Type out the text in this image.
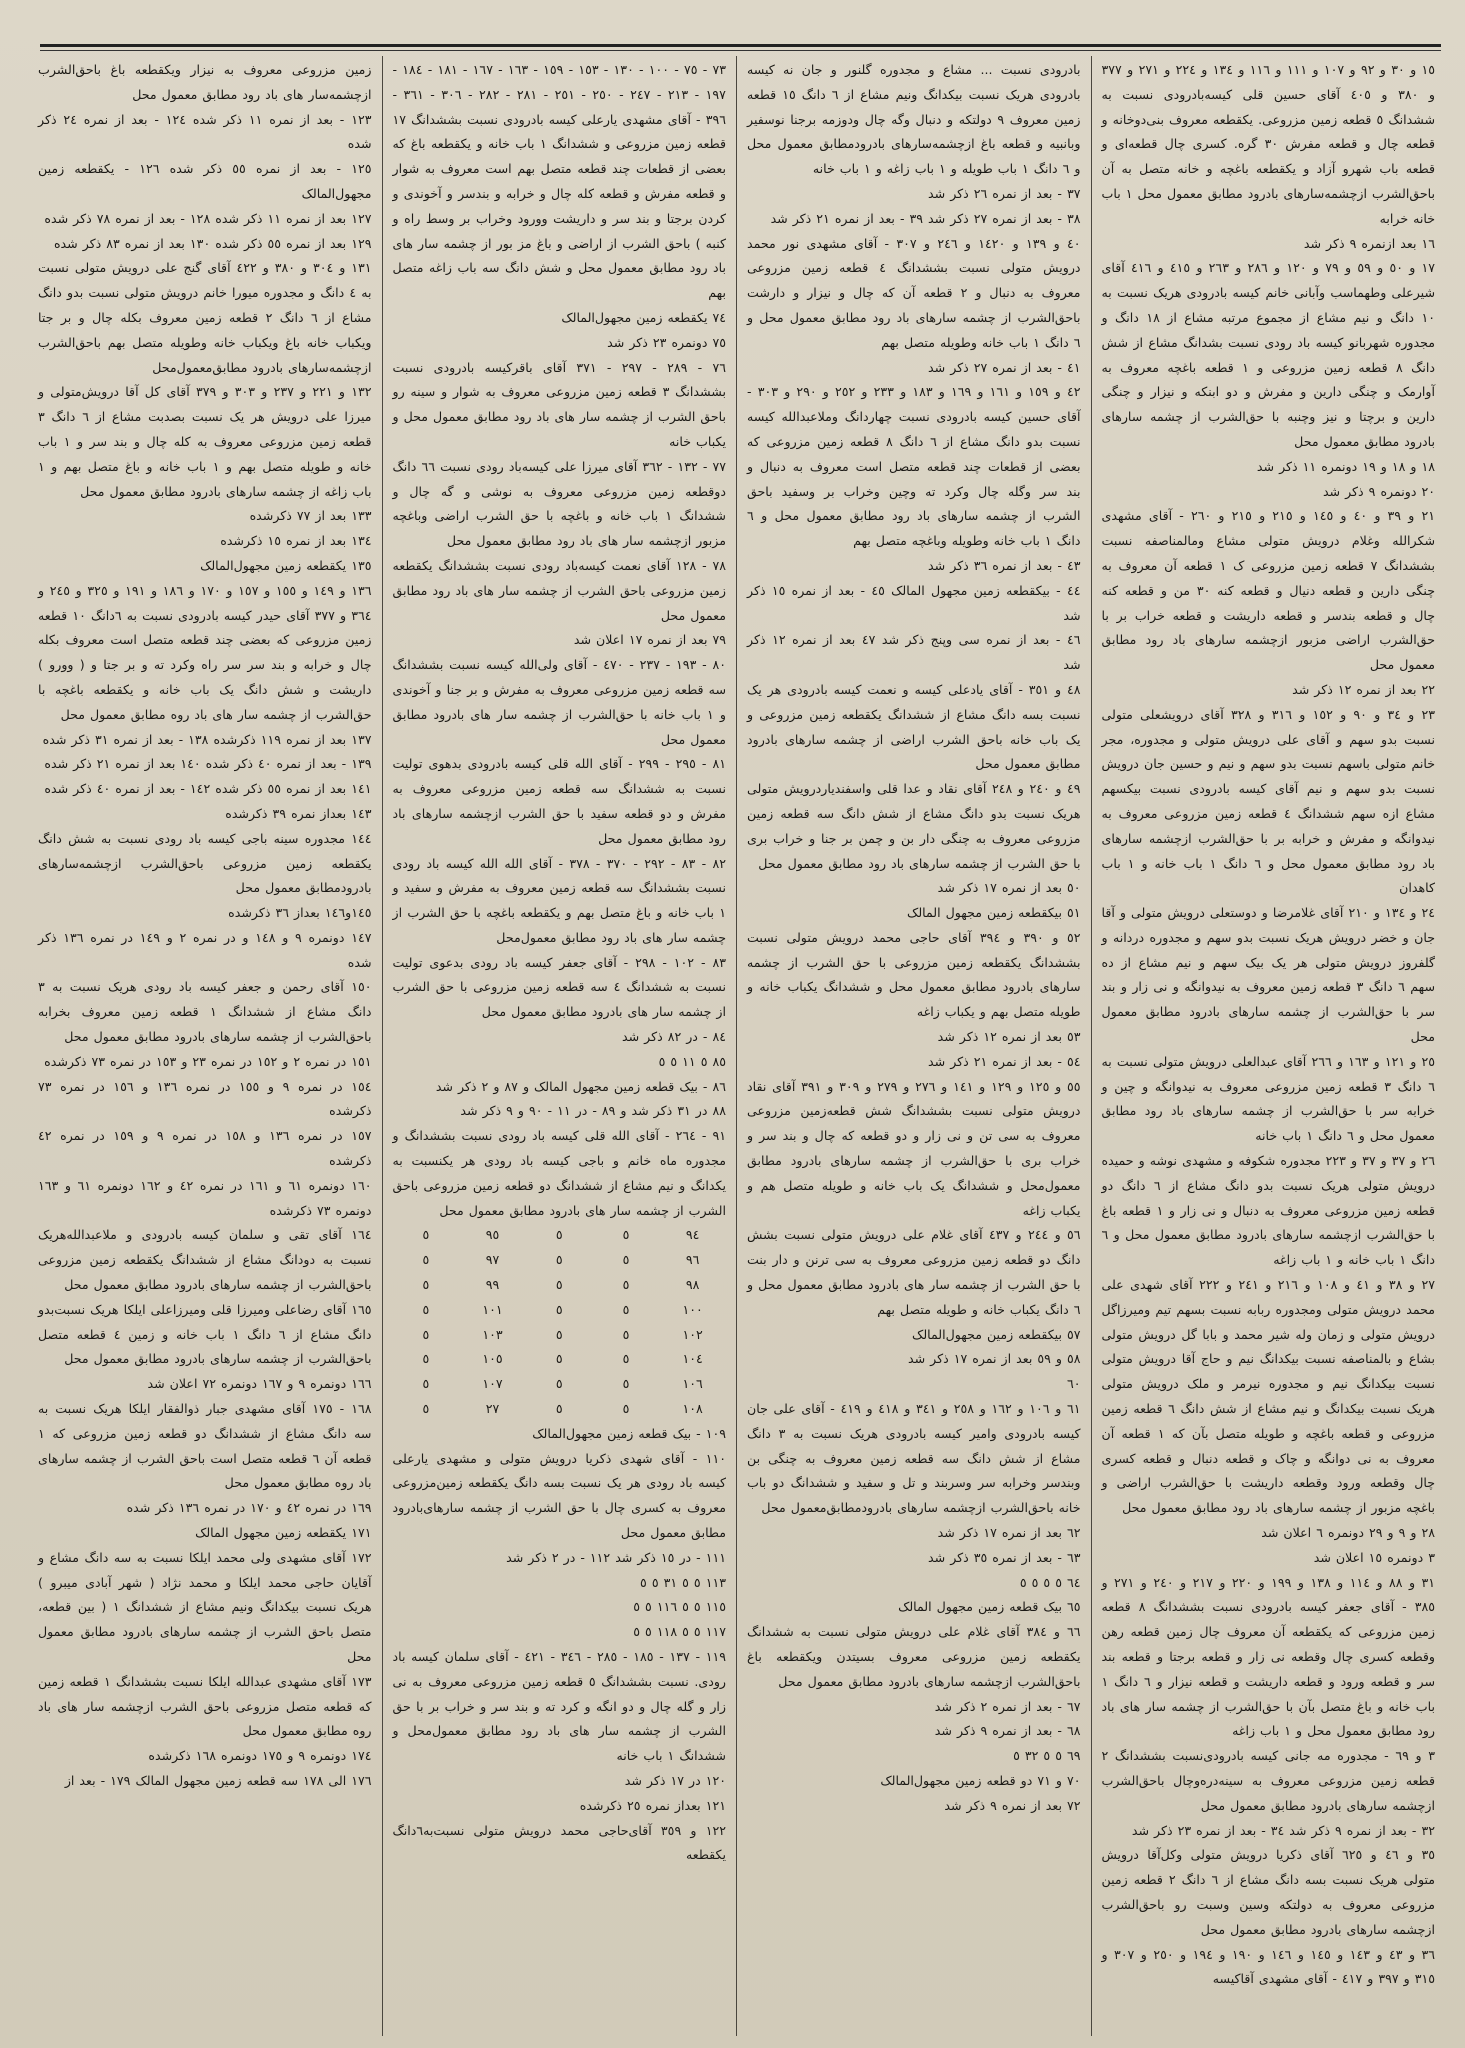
١٥ و ٣٠ و ٩٢ و ١٠٧ و ١١١ و ١١٦ و ١٣٤ و ٢٢٤ و ٢٧١ و ٣٧٧ و ٣٨٠ و ٤٠٥ آقای حسین قلی کیسه‌بادرودی نسبت به ششدانگ ٥ قطعه زمین مزروعی. یکقطعه معروف بنی‌دوخانه و قطعه چال و قطعه مفرش ٣٠ گره. کسری چال قطعه‌ای و قطعه باب شهرو آزاد و یکقطعه باغچه و خانه متصل به آن باحق‌الشرب ازچشمه‌سارهای بادرود مطابق معمول محل ١ باب خانه خرابه

١٦ بعد ازنمره ٩ ذکر شد

١٧ و ٥٠ و ٥٩ و ٧٩ و ١٢٠ و ٢٨٦ و ٢٦٣ و ٤١٥ و ٤١٦ آقای شیرعلی وطهماسب وآبانی خانم کیسه بادرودی هریک نسبت به ١٠ دانگ و نیم مشاع از مجموع مرتبه مشاع از ١٨ دانگ و مجدوره شهربانو کیسه باد رودی نسبت بشدانگ مشاع از شش دانگ ٨ قطعه زمین مزروعی و ١ قطعه باغچه معروف به آوارمک و چنگی دارین و مفرش و دو ابنکه و نیزار و چنگی دارین و برچتا و نیز وچنبه با حق‌الشرب از چشمه سارهای بادرود مطابق معمول محل

١٨ و ١٨ و ١٩ دونمره ١١ ذکر شد

٢٠ دونمره ٩ ذکر شد

٢١ و ٣٩ و ٤٠ و ١٤٥ و ٢١٥ و ٢١٥ و ٢٦٠ - آقای مشهدی شکرالله وغلام درویش متولی مشاع ومالمناصفه نسبت بششدانگ ٧ قطعه زمین مزروعی ک ١ قطعه آن معروف به چنگی دارین و قطعه دنیال و قطعه کنه ٣٠ من و قطعه کنه چال و قطعه بندسر و قطعه داریشت و قطعه خراب بر با حق‌الشرب اراضی مزبور ازچشمه سارهای باد رود مطابق معمول محل

٢٢ بعد از نمره ١٢ ذکر شد

٢٣ و ٣٤ و ٩٠ و ١٥٢ و ٣١٦ و ٣٢٨ آقای درویشعلی متولی نسبت بدو سهم و آقای علی درویش متولی و مجدوره، مجر خانم متولی باسهم نسبت بدو سهم و نیم و حسین جان درویش نسبت بدو سهم و نیم آقای کیسه بادرودی نسبت بیکسهم مشاع ازه سهم ششدانگ ٤ قطعه زمین مزروعی معروف به نیدوانگه و مفرش و خرابه بر با حق‌الشرب ازچشمه سارهای باد رود مطابق معمول محل و ٦ دانگ ١ باب خانه و ١ باب کاهدان

٢٤ و ١٣٤ و ٢١٠ آقای غلامرضا و دوستعلی درویش متولی و آقا جان و خضر درویش هریک نسبت بدو سهم و مجدوره دردانه و گلفروز درویش متولی هر یک بیک سهم و نیم مشاع از ده سهم ٦ دانگ ٣ قطعه زمین معروف به نیدوانگه و نی زار و بند سر با حق‌الشرب از چشمه سارهای بادرود مطابق معمول محل

٢٥ و ١٢١ و ١٦٣ و ٢٦٦ آقای عبدالعلی درویش متولی نسبت به ٦ دانگ ٣ قطعه زمین مزروعی معروف به نیدوانگه و چین و خرابه سر با حق‌الشرب از چشمه سارهای باد رود مطابق معمول محل و ٦ دانگ ١ باب خانه

٢٦ و ٣٧ و ٣٧ و ٢٢٣ مجدوره شکوفه و مشهدی نوشه و حمیده درویش متولی هریک نسبت بدو دانگ مشاع از ٦ دانگ دو قطعه زمین مزروعی معروف به دنبال و نی زار و ١ قطعه باغ با حق‌الشرب ازچشمه سارهای بادرود مطابق معمول محل و ٦ دانگ ١ باب خانه و ١ باب زاغه

٢٧ و ٣٨ و ٤١ و ١٠٨ و ٢١٦ و ٢٤١ و ٢٢٢ آقای شهدی علی محمد درویش متولی ومجدوره ربابه نسبت بسهم تیم ومیرزاگل درویش متولی و زمان وله شیر محمد و بابا گل درویش متولی بشاع و بالمناصفه نسبت بیکدانگ نیم و حاج آقا درویش متولی نسبت بیکدانگ نیم و مجدوره نیرمر و ملک درویش متولی هریک نسبت بیکدانگ و نیم مشاع از شش دانگ ٦ قطعه زمین مزروعی و قطعه باغچه و طویله متصل بآن که ١ قطعه آن معروف به نی دوانگه و چاک و قطعه دنبال و قطعه کسری چال وقطعه ورود وقطعه داریشت با حق‌الشرب اراضی و باغچه مزبور از چشمه سارهای باد رود مطابق معمول محل

٢٨ و ٩ و ٢٩ دونمره ٦ اعلان شد

٣ دونمره ١٥ اعلان شد

٣١ و ٨٨ و ١١٤ و ١٣٨ و ١٩٩ و ٢٢٠ و ٢١٧ و ٢٤٠ و ٢٧١ و ٣٨٥ - آقای جعفر کیسه بادرودی نسبت بششدانگ ٨ قطعه زمین مزروعی که یکقطعه آن معروف چال زمین قطعه رهن وقطعه کسری چال وقطعه نی زار و قطعه برجتا و قطعه بند سر و قطعه ورود و قطعه داریشت و قطعه نیزار و ٦ دانگ ١ باب خانه و باغ متصل بآن با حق‌الشرب از چشمه سار های باد رود مطابق معمول محل و ١ باب زاغه

٣ و ٦٩ - مجدوره مه جانی کیسه بادرودی‌نسبت بششدانگ ٢ قطعه زمین مزروعی معروف به سینه‌دره‌وچال باحق‌الشرب ازچشمه سارهای بادرود مطابق معمول محل

٣٢ - بعد از نمره ٩ ذکر شد ٣٤ - بعد از نمره ٢٣ ذکر شد

٣٥ و ٤٦ و ٦٢٥ آقای ذکریا درویش متولی وکل‌آقا درویش متولی هریک نسبت بسه دانگ مشاع از ٦ دانگ ٢ قطعه زمین مزروعی معروف به دولتکه وسین وسبت رو باحق‌الشرب ازچشمه سارهای بادرود مطابق معمول محل

٣٦ و ٤٣ و ١٤٣ و ١٤٥ و ١٤٦ و ١٩٠ و ١٩٤ و ٢٥٠ و ٣٠٧ و ٣١٥ و ٣٩٧ و ٤١٧ - آقای مشهدی آقاکیسه

بادرودی نسبت ... مشاع و مجدوره گلنور و جان نه کیسه بادرودی هریک نسبت بیکدانگ ونیم مشاع از ٦ دانگ ١٥ قطعه زمین معروف ٩ دولتکه و دنبال وگه چال ودوزمه برجنا نوسفیر وبانبیه و قطعه باغ ازچشمه‌سارهای بادرودمطابق معمول محل و ٦ دانگ ١ باب طویله و ١ باب زاغه و ١ باب خانه

٣٧ - بعد از نمره ٢٦ ذکر شد

٣٨ - بعد از نمره ٢٧ ذکر شد ٣٩ - بعد از نمره ٢١ ذکر شد

٤٠ و ١٣٩ و ١٤٢٠ و ٢٤٦ و ٣٠٧ - آقای مشهدی نور محمد درویش متولی نسبت بششدانگ ٤ قطعه زمین مزروعی معروف به دنبال و ٢ قطعه آن که چال و نیزار و دارشت باحق‌الشرب از چشمه سارهای باد رود مطابق معمول محل و ٦ دانگ ١ باب خانه وطویله متصل بهم

٤١ - بعد از نمره ٢٧ ذکر شد

٤٢ و ١٥٩ و ١٦١ و ١٦٩ و ١٨٣ و ٢٣٣ و ٢٥٢ و ٢٩٠ و ٣٠٣ - آقای حسین کیسه بادرودی نسبت چهاردانگ وملاعبدالله کیسه نسبت بدو دانگ مشاع از ٦ دانگ ٨ قطعه زمین مزروعی که بعضی از قطعات چند قطعه متصل است معروف به دنبال و بند سر وگله چال وکرد ته وچین وخراب بر وسفید باحق الشرب از چشمه سارهای باد رود مطابق معمول محل و ٦ دانگ ١ باب خانه وطویله وباغچه متصل بهم

٤٣ - بعد از نمره ٣٦ ذکر شد

٤٤ - بیکقطعه زمین مجهول المالک ٤٥ - بعد از نمره ١٥ ذکر شد

٤٦ - بعد از نمره سی وپنج ذکر شد ٤٧ بعد از نمره ١٢ ذکر شد

٤٨ و ٣٥١ - آقای یادعلی کیسه و نعمت کیسه بادرودی هر یک نسبت بسه دانگ مشاع از ششدانگ یکقطعه زمین مزروعی و یک باب خانه باحق الشرب اراضی از چشمه سارهای بادرود مطابق معمول محل

٤٩ و ٢٤٠ و ٢٤٨ آقای نقاد و عدا قلی واسفندیاردرویش متولی هریک نسبت بدو دانگ مشاع از شش دانگ سه قطعه زمین مزروعی معروف به چنگی دار بن و چمن بر جنا و خراب بری با حق الشرب از چشمه سارهای باد رود مطابق معمول محل

٥٠ بعد از نمره ١٧ ذکر شد

٥١ بیکقطعه زمین مجهول المالک

٥٢ و ٣٩٠ و ٣٩٤ آقای حاجی محمد درویش متولی نسبت بششدانگ یکقطعه زمین مزروعی با حق الشرب از چشمه سارهای بادرود مطابق معمول محل و ششدانگ یکباب خانه و طویله متصل بهم و یکباب زاغه

٥٣ بعد از نمره ١٢ ذکر شد

٥٤ - بعد از نمره ٢١ ذکر شد

٥٥ و ١٢٥ و ١٢٩ و ١٤١ و ٢٧٦ و ٢٧٩ و ٣٠٩ و ٣٩١ آقای نقاد درویش متولی نسبت بششدانگ شش قطعه‌زمین مزروعی معروف به سی تن و نی زار و دو قطعه که چال و بند سر و خراب بری با حق‌الشرب از چشمه سارهای بادرود مطابق معمول‌محل و ششدانگ یک باب خانه و طویله متصل هم و یکباب زاغه

٥٦ و ٢٤٤ و ٤٣٧ آقای غلام علی درویش متولی نسبت بشش دانگ دو قطعه زمین مزروعی معروف به سی ترنن و دار بنت با حق الشرب از چشمه سار های بادرود مطابق معمول محل و ٦ دانگ یکباب خانه و طویله متصل بهم

٥٧ بیکقطعه زمین مجهول‌المالک

٥٨ و ٥٩ بعد از نمره ١٧ ذکر شد

٦٠

٦١ و ١٠٦ و ١٦٢ و ٢٥٨ و ٣٤١ و ٤١٨ و ٤١٩ - آقای علی جان کیسه بادرودی وامیر کیسه بادرودی هریک نسبت به ٣ دانگ مشاع از شش دانگ سه قطعه زمین معروف به چنگی بن وبندسر وخرابه سر وسربند و تل و سفید و ششدانگ دو باب خانه باحق‌الشرب ازچشمه سارهای بادرودمطابق‌معمول محل

٦٢ بعد از نمره ١٧ ذکر شد

٦٣ - بعد از نمره ٣٥ ذکر شد

٦٤ ٥ ٥ ٥ ٥

٦٥ بیک قطعه زمین مجهول المالک

٦٦ و ٣٨٤ آقای غلام علی درویش متولی نسبت به ششدانگ یکقطعه زمین مزروعی معروف بسیتدن ویکقطعه باغ باحق‌الشرب ازچشمه سارهای بادرود مطابق معمول محل

٦٧ - بعد از نمره ٢ ذکر شد

٦٨ - بعد از نمره ٩ ذکر شد

٦٩ ٥ ٥ ٣٢ ٥

٧٠ و ٧١ دو قطعه زمین مجهول‌المالک

٧٢ بعد از نمره ٩ ذکر شد

٧٣ - ٧٥ - ١٠٠ - ١٣٠ - ١٥٣ - ١٥٩ - ١٦٣ - ١٦٧ - ١٨١ - ١٨٤ - ١٩٧ - ٢١٣ - ٢٤٧ - ٢٥٠ - ٢٥١ - ٢٨١ - ٢٨٢ - ٣٠٦ - ٣٦١ - ٣٩٦ - آقای مشهدی یارعلی کیسه بادرودی نسبت بششدانگ ١٧ قطعه زمین مزروعی و ششدانگ ١ باب خانه و یکقطعه باغ که بعضی از قطعات چند قطعه متصل بهم است معروف به شوار و قطعه مفرش و قطعه کله چال و خرابه و بندسر و آخوندی و کردن برجتا و بند سر و داریشت وورود وخراب بر وسط راه و کنبه ) باحق الشرب از اراضی و باغ مز بور از چشمه سار های باد رود مطابق معمول محل و شش دانگ سه باب زاغه متصل بهم

٧٤ یکقطعه زمین مجهول‌المالک

٧٥ دونمره ٢٣ ذکر شد

٧٦ - ٢٨٩ - ٢٩٧ - ٣٧١ آقای باقرکیسه بادرودی نسبت بششدانگ ٣ قطعه زمین مزروعی معروف به شوار و سینه رو باحق الشرب از چشمه سار های باد رود مطابق معمول محل و یکباب خانه

٧٧ - ١٣٢ - ٣٦٢ آقای میرزا علی کیسه‌باد رودی نسبت ٦٦ دانگ دوقطعه زمین مزروعی معروف به نوشی و گه چال و ششدانگ ١ باب خانه و باغچه با حق الشرب اراضی وباغچه مزبور ازچشمه سار های باد رود مطابق معمول محل

٧٨ - ١٢٨ آقای نعمت کیسه‌باد رودی نسبت بششدانگ یکقطعه زمین مزروعی باحق الشرب از چشمه سار های باد رود مطابق معمول محل

٧٩ بعد از نمره ١٧ اعلان شد

٨٠ - ١٩٣ - ٢٣٧ - ٤٧٠ - آقای ولی‌الله کیسه نسبت بششدانگ سه قطعه زمین مزروعی معروف به مفرش و بر جنا و آخوندی و ١ باب خانه با حق‌الشرب از چشمه سار های بادرود مطابق معمول محل

٨١ - ٢٩٥ - ٢٩٩ - آقای الله قلی کیسه بادرودی بدهوی تولیت نسبت به ششدانگ سه قطعه زمین مزروعی معروف به مفرش و دو قطعه سفید با حق الشرب ازچشمه سارهای باد رود مطابق معمول محل

٨٢ - ٨٣ - ٢٩٢ - ٣٧٠ - ٣٧٨ - آقای الله الله کیسه باد رودی نسبت بششدانگ سه قطعه زمین معروف به مفرش و سفید و ١ باب خانه و باغ متصل بهم و یکقطعه باغچه با حق الشرب از چشمه سار های باد رود مطابق معمول‌محل

٨٣ - ١٠٢ - ٢٩٨ - آقای جعفر کیسه باد رودی بدعوی تولیت نسبت به ششدانگ ٤ سه قطعه زمین مزروعی با حق الشرب از چشمه سار های بادرود مطابق معمول محل

٨٤ - در ٨٢ ذکر شد

٨٥ ٥ ١١ ٥ ٥

٨٦ - بیک قطعه زمین مجهول المالک و ٨٧ و ٢ ذکر شد

٨٨ در ٣١ ذکر شد و ٨٩ - در ١١ - ٩٠ و ٩ ذکر شد

٩١ - ٢٦٤ - آقای الله قلی کیسه باد رودی نسبت بششدانگ و مجدوره ماه خانم و باجی کیسه باد رودی هر یکنسبت به یکدانگ و نیم مشاع از ششدانگ دو قطعه زمین مزروعی باحق الشرب از چشمه سار های بادرود مطابق معمول محل

٩٤
٥
٥
٩٥
٥
٩٦
٥
٥
٩٧
٥
٩٨
٥
٥
٩٩
٥
١٠٠
٥
٥
١٠١
٥
١٠٢
٥
٥
١٠٣
٥
١٠٤
٥
٥
١٠٥
٥
١٠٦
٥
٥
١٠٧
٥
١٠٨
٥
٥
٢٧
٥

١٠٩ - بیک قطعه زمین مجهول‌المالک

١١٠ - آقای شهدی ذکریا درویش متولی و مشهدی یارعلی کیسه باد رودی هر یک نسبت بسه دانگ یکقطعه زمین‌مزروعی معروف به کسری چال با حق الشرب از چشمه سارهای‌بادرود مطابق معمول محل

١١١ - در ١٥ ذکر شد ١١٢ - در ٢ ذکر شد

١١٣ ٥ ٥ ٣١ ٥ ٥

١١٥ ٥ ٥ ١١٦ ٥ ٥

١١٧ ٥ ٥ ١١٨ ٥ ٥

١١٩ - ١٣٧ - ١٨٥ - ٢٨٥ - ٣٤٦ - ٤٢١ - آقای سلمان کیسه باد رودی. نسبت بششدانگ ٥ قطعه زمین مزروعی معروف به نی زار و گله چال و دو انگه و کرد ته و بند سر و خراب بر با حق الشرب از چشمه سار های باد رود مطابق معمول‌محل و ششدانگ ١ باب خانه

١٢٠ در ١٧ ذکر شد

١٢١ بعداز نمره ٢٥ ذکرشده

١٢٢ و ٣٥٩ آقای‌حاجی محمد درویش متولی نسبت‌به٦دانگ یکقطعه

زمین مزروعی معروف به نیزار ویکقطعه باغ باحق‌الشرب ازچشمه‌سار های باد رود مطابق معمول محل

١٢٣ - بعد از نمره ١١ ذکر شده ١٢٤ - بعد از نمره ٢٤ ذکر شده

١٢٥ - بعد از نمره ٥٥ ذکر شده ١٢٦ - یکقطعه زمین مجهول‌المالک

١٢٧ بعد از نمره ١١ ذکر شده ١٢٨ - بعد از نمره ٧٨ ذکر شده

١٢٩ بعد از نمره ٥٥ ذکر شده ١٣٠ بعد از نمره ٨٣ ذکر شده

١٣١ و ٣٠٤ و ٣٨٠ و ٤٢٢ آقای گنج علی درویش متولی نسبت به ٤ دانگ و مجدوره میورا خانم درویش متولی نسبت بدو دانگ مشاع از ٦ دانگ ٢ قطعه زمین معروف بکله چال و بر جتا ویکباب خانه باغ ویکباب خانه وطویله متصل بهم باحق‌الشرب ازچشمه‌سارهای بادرود مطابق‌معمول‌محل

١٣٢ و ٢٢١ و ٢٣٧ و ٣٠٣ و ٣٧٩ آقای کل آقا درویش‌متولی و میرزا علی درویش هر یک نسبت بصدبت مشاع از ٦ دانگ ٣ قطعه زمین مزروعی معروف به کله چال و بند سر و ١ باب خانه و طویله متصل بهم و ١ باب خانه و باغ متصل بهم و ١ باب زاغه از چشمه سارهای بادرود مطابق معمول محل

١٣٣ بعد از ٧٧ ذکرشده

١٣٤ بعد از نمره ١٥ ذکرشده

١٣٥ یکقطعه زمین مجهول‌المالک

١٣٦ و ١٤٩ و ١٥٥ و ١٥٧ و ١٧٠ و ١٨٦ و ١٩١ و ٣٢٥ و ٢٤٥ و ٣٦٤ و ٣٧٧ آقای حیدر کیسه بادرودی نسبت به ٦دانگ ١٠ قطعه زمین مزروعی که بعضی چند قطعه متصل است معروف بکله چال و خرابه و بند سر سر راه وکرد ته و بر جتا و ( وورو ) داریشت و شش دانگ یک باب خانه و یکقطعه باغچه با حق‌الشرب از چشمه سار های باد روه مطابق معمول محل

١٣٧ بعد از نمره ١١٩ ذکرشده ١٣٨ - بعد از نمره ٣١ ذکر شده

١٣٩ - بعد از نمره ٤٠ ذکر شده ١٤٠ بعد از نمره ٢١ ذکر شده

١٤١ بعد از نمره ٥٥ ذکر شده ١٤٢ - بعد از نمره ٤٠ ذکر شده

١٤٣ بعداز نمره ٣٩ ذکرشده

١٤٤ مجدوره سینه باجی کیسه باد رودی نسبت به شش دانگ یکقطعه زمین مزروعی باحق‌الشرب ازچشمه‌سارهای بادرودمطابق معمول محل

١٤٥و١٤٦ بعداز ٣٦ ذکرشده

١٤٧ دونمره ٩ و ١٤٨ و در نمره ٢ و ١٤٩ در نمره ١٣٦ ذکر شده

١٥٠ آقای رحمن و جعفر کیسه باد رودی هریک نسبت به ٣ دانگ مشاع از ششدانگ ١ قطعه زمین معروف بخرابه باحق‌الشرب از چشمه سارهای بادرود مطابق معمول محل

١٥١ در نمره ٢ و ١٥٢ در نمره ٢٣ و ١٥٣ در نمره ٧٣ ذکرشده

١٥٤ در نمره ٩ و ١٥٥ در نمره ١٣٦ و ١٥٦ در نمره ٧٣ ذکرشده

١٥٧ در نمره ١٣٦ و ١٥٨ در نمره ٩ و ١٥٩ در نمره ٤٢ ذکرشده

١٦٠ دونمره ٦١ و ١٦١ در نمره ٤٢ و ١٦٢ دونمره ٦١ و ١٦٣ دونمره ٧٣ ذکرشده

١٦٤ آقای تقی و سلمان کیسه بادرودی و ملاعبدالله‌هریک نسبت به دودانگ مشاع از ششدانگ یکقطعه زمین مزروعی باحق‌الشرب از چشمه سارهای بادرود مطابق معمول محل

١٦٥ آقای رضاعلی ومیرزا قلی ومیرزاعلی ایلکا هریک نسبت‌بدو دانگ مشاع از ٦ دانگ ١ باب خانه و زمین ٤ قطعه متصل باحق‌الشرب از چشمه سارهای بادرود مطابق معمول محل

١٦٦ دونمره ٩ و ١٦٧ دونمره ٧٢ اعلان شد

١٦٨ - ١٧٥ آقای مشهدی جبار ذوالفقار ایلکا هریک نسبت به سه دانگ مشاع از ششدانگ دو قطعه زمین مزروعی که ١ قطعه آن ٦ قطعه متصل است باحق الشرب از چشمه سارهای باد روه مطابق معمول محل

١٦٩ در نمره ٤٢ و ١٧٠ در نمره ١٣٦ ذکر شده

١٧١ یکقطعه زمین مجهول المالک

١٧٢ آقای مشهدی ولی محمد ایلکا نسبت به سه دانگ مشاع و آقایان حاجی محمد ایلکا و محمد نژاد ( شهر آبادی میبرو ) هریک نسبت بیکدانگ ونیم مشاع از ششدانگ ١ ( بین قطعه، متصل باحق الشرب از چشمه سارهای بادرود مطابق معمول محل

١٧٣ آقای مشهدی عبدالله ایلکا نسبت بششدانگ ١ قطعه زمین که قطعه متصل مزروعی باحق الشرب ازچشمه سار های باد روه مطابق معمول محل

١٧٤ دونمره ٩ و ١٧٥ دونمره ١٦٨ ذکرشده

١٧٦ الی ١٧٨ سه قطعه زمین مجهول المالک ١٧٩ - بعد از
